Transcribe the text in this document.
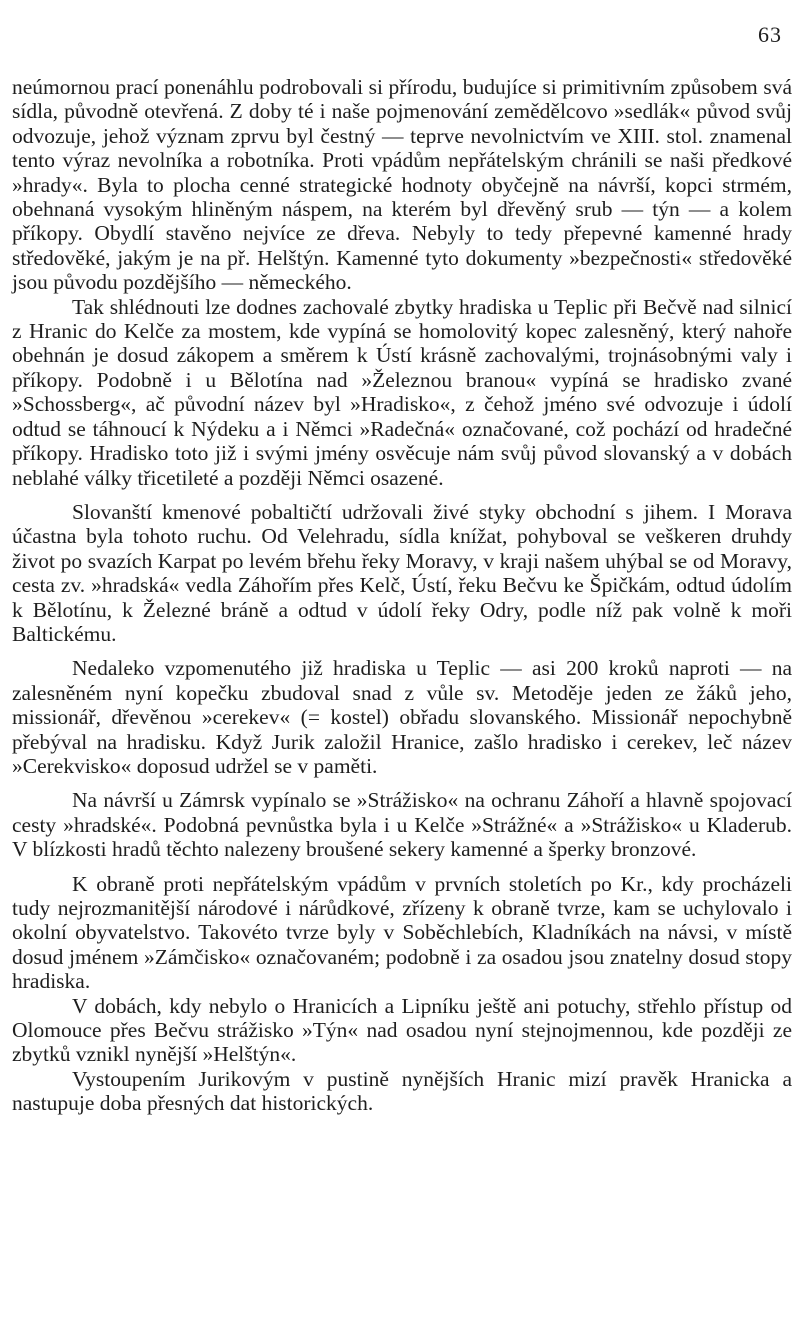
63

neúmornou prací ponenáhlu podrobovali si přírodu, budujíce si primitivním způsobem svá sídla, původně otevřená. Z doby té i naše pojmenování zemědělcovo »sedlák« původ svůj odvozuje, jehož význam zprvu byl čestný — teprve nevolnictvím ve XIII. stol. znamenal tento výraz nevolníka a robotníka. Proti vpádům nepřátelským chránili se naši předkové »hrady«. Byla to plocha cenné strategické hodnoty obyčejně na návrší, kopci strmém, obehnaná vysokým hliněným náspem, na kterém byl dřevěný srub — týn — a kolem příkopy. Obydlí stavěno nejvíce ze dřeva. Nebyly to tedy přepevné kamenné hrady středověké, jakým je na př. Helštýn. Kamenné tyto dokumenty »bezpečnosti« středověké jsou původu pozdějšího — německého.

Tak shlédnouti lze dodnes zachovalé zbytky hradiska u Teplic při Bečvě nad silnicí z Hranic do Kelče za mostem, kde vypíná se homolovitý kopec zalesněný, který nahoře obehnán je dosud zákopem a směrem k Ústí krásně zachovalými, trojnásobnými valy i příkopy. Podobně i u Bělotína nad »Železnou branou« vypíná se hradisko zvané »Schossberg«, ač původní název byl »Hradisko«, z čehož jméno své odvozuje i údolí odtud se táhnoucí k Nýdeku a i Němci »Radečná« označované, což pochází od hradečné příkopy. Hradisko toto již i svými jmény osvěcuje nám svůj původ slovanský a v dobách neblahé války třicetileté a později Němci osazené.

Slovanští kmenové pobaltičtí udržovali živé styky obchodní s jihem. I Morava účastna byla tohoto ruchu. Od Velehradu, sídla knížat, pohyboval se veškeren druhdy život po svazích Karpat po levém břehu řeky Moravy, v kraji našem uhýbal se od Moravy, cesta zv. »hradská« vedla Záhořím přes Kelč, Ústí, řeku Bečvu ke Špičkám, odtud údolím k Bělotínu, k Železné bráně a odtud v údolí řeky Odry, podle níž pak volně k moři Baltickému.

Nedaleko vzpomenutého již hradiska u Teplic — asi 200 kroků naproti — na zalesněném nyní kopečku zbudoval snad z vůle sv. Metoděje jeden ze žáků jeho, missionář, dřevěnou »cerekev« (= kostel) obřadu slovanského. Missionář nepochybně přebýval na hradisku. Když Jurik založil Hranice, zašlo hradisko i cerekev, leč název »Cerekvisko« doposud udržel se v paměti.

Na návrší u Zámrsk vypínalo se »Strážisko« na ochranu Záhoří a hlavně spojovací cesty »hradské«. Podobná pevnůstka byla i u Kelče »Strážné« a »Strážisko« u Kladerub. V blízkosti hradů těchto nalezeny broušené sekery kamenné a šperky bronzové.

K obraně proti nepřátelským vpádům v prvních stoletích po Kr., kdy procházeli tudy nejrozmanitější národové i nárůdkové, zřízeny k obraně tvrze, kam se uchylovalo i okolní obyvatelstvo. Takovéto tvrze byly v Soběchlebích, Kladníkách na návsi, v místě dosud jménem »Zámčisko« označovaném; podobně i za osadou jsou znatelny dosud stopy hradiska.

V dobách, kdy nebylo o Hranicích a Lipníku ještě ani potuchy, střehlo přístup od Olomouce přes Bečvu strážisko »Týn« nad osadou nyní stejnojmennou, kde později ze zbytků vznikl nynější »Helštýn«.

Vystoupením Jurikovým v pustině nynějších Hranic mizí pravěk Hranicka a nastupuje doba přesných dat historických.
